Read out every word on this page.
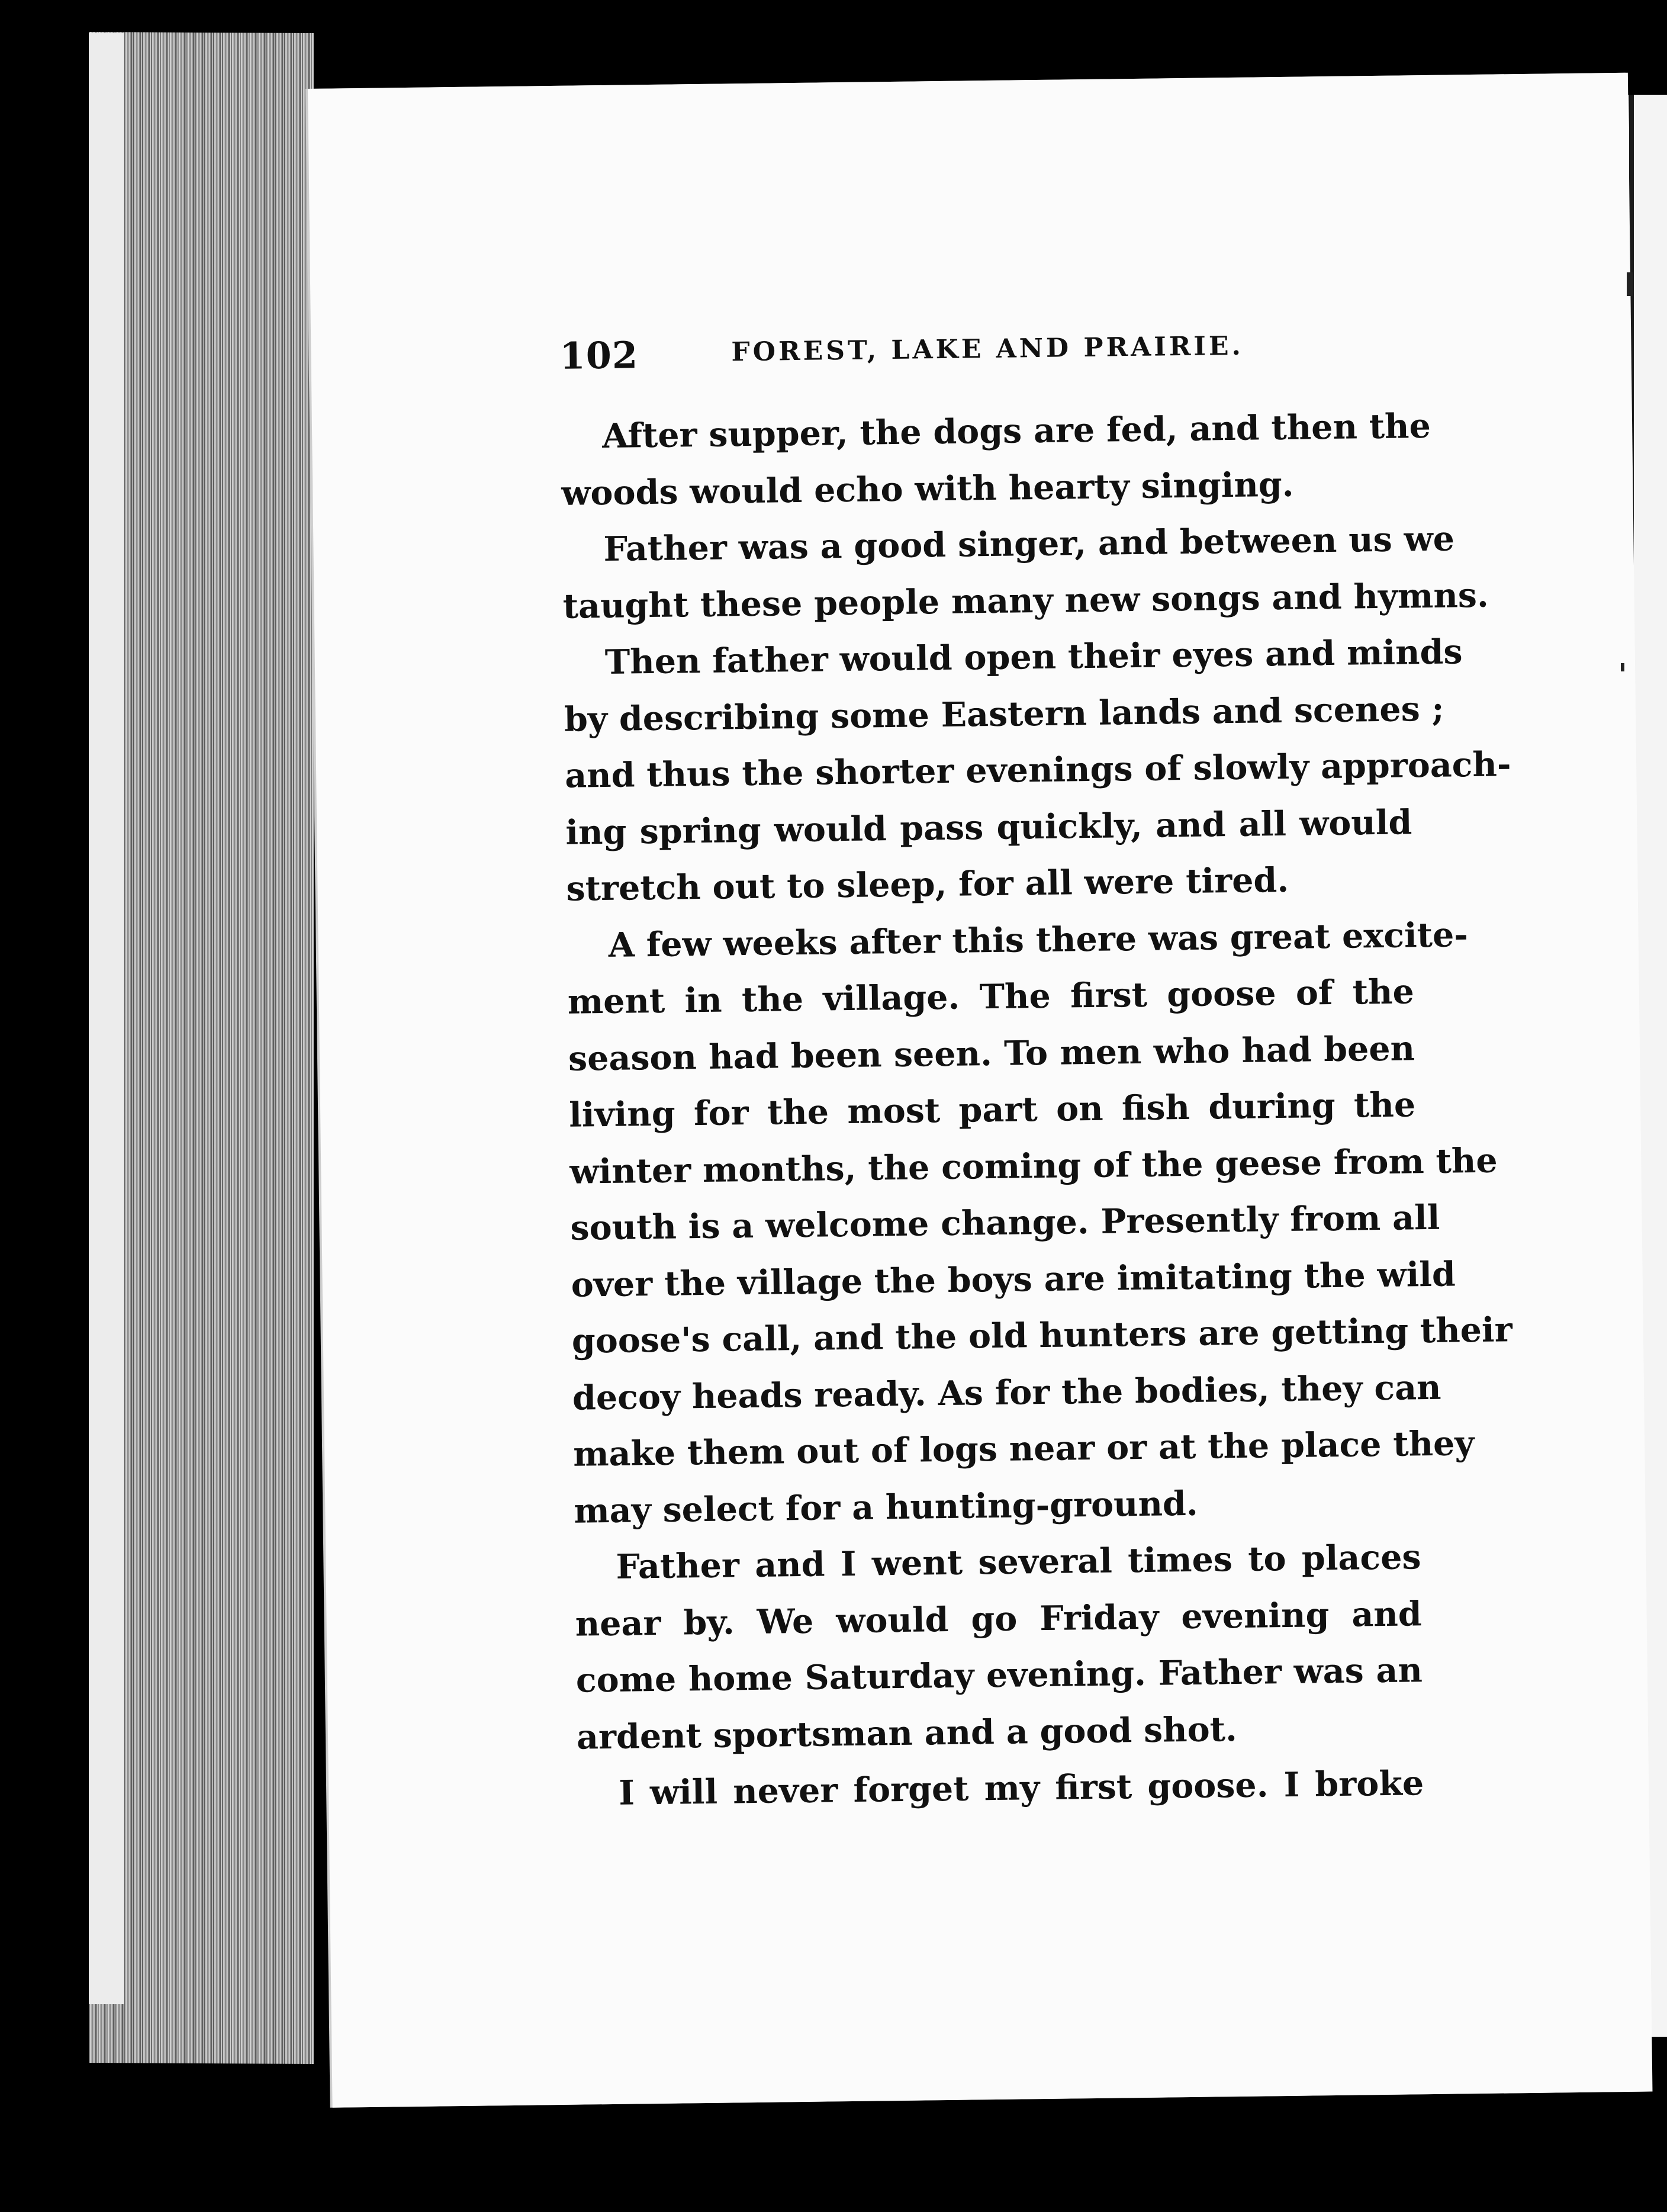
102	FOREST, LAKE AND PRAIRIE.
After supper, the dogs are fed, and then the
woods would echo with hearty singing.
Father was a good singer, and between us we
taught these people many new songs and hymns.
Then father would open their eyes and minds
by describing some Eastern lands and scenes ;
and thus the shorter evenings of slowly approach-
ing spring would pass quickly, and all would
stretch out to sleep, for all were tired.
A few weeks after this there was great excite-
ment in the village. The first goose of the
season had been seen. To men who had been
living for the most part on fish during the
winter months, the coming of the geese from the
south is a welcome change. Presently from all
over the village the boys are imitating the wild
goose's call, and the old hunters are getting their
decoy heads ready. As for the bodies, they can
make them out of logs near or at the place they
may select for a hunting-ground.
Father and I went several times to places
near by. We would go Friday evening and
come home Saturday evening. Father was an
ardent sportsman and a good shot.
I will never forget my first goose. I broke
